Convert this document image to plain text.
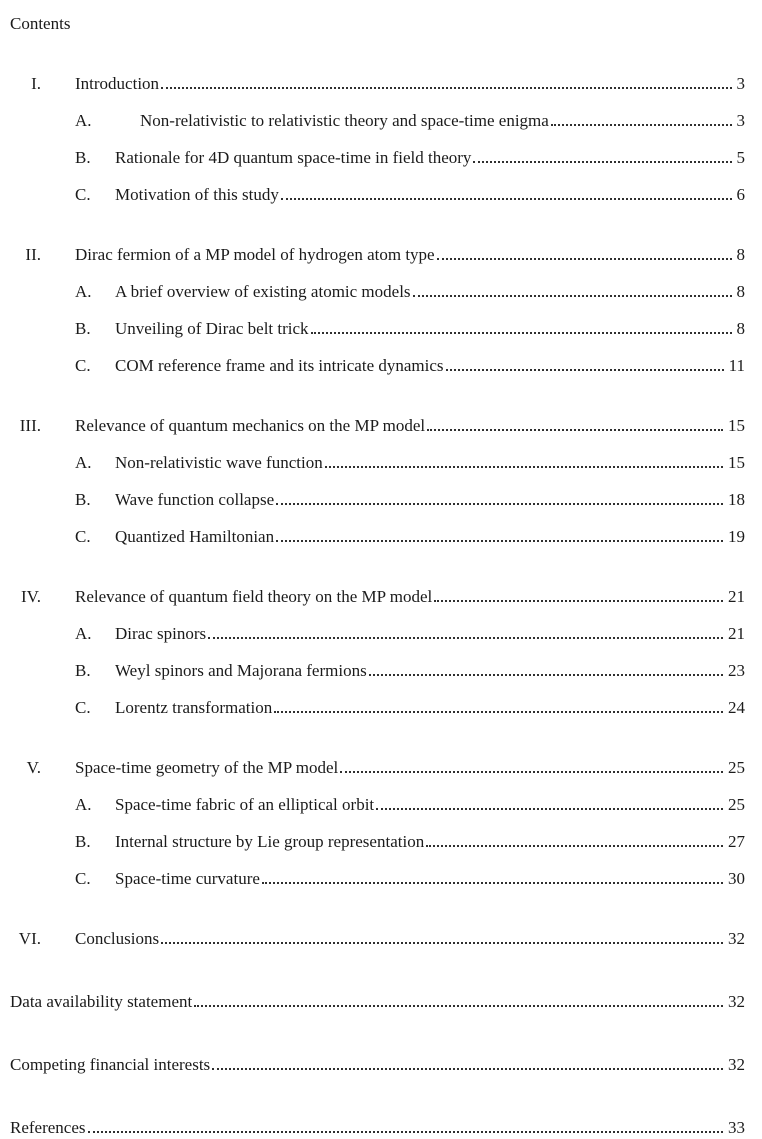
Contents
I. Introduction	3
A.	Non-relativistic to relativistic theory and space-time enigma	3
B.	Rationale for 4D quantum space-time in field theory	5
C.	Motivation of this study	6
II. Dirac fermion of a MP model of hydrogen atom type	8
A.	A brief overview of existing atomic models	8
B.	Unveiling of Dirac belt trick	8
C.	COM reference frame and its intricate dynamics	11
III. Relevance of quantum mechanics on the MP model	15
A.	Non-relativistic wave function	15
B.	Wave function collapse	18
C.	Quantized Hamiltonian	19
IV. Relevance of quantum field theory on the MP model	21
A.	Dirac spinors	21
B.	Weyl spinors and Majorana fermions	23
C.	Lorentz transformation	24
V. Space-time geometry of the MP model	25
A.	Space-time fabric of an elliptical orbit	25
B.	Internal structure by Lie group representation	27
C.	Space-time curvature	30
VI. Conclusions	32
Data availability statement	32
Competing financial interests	32
References	33
